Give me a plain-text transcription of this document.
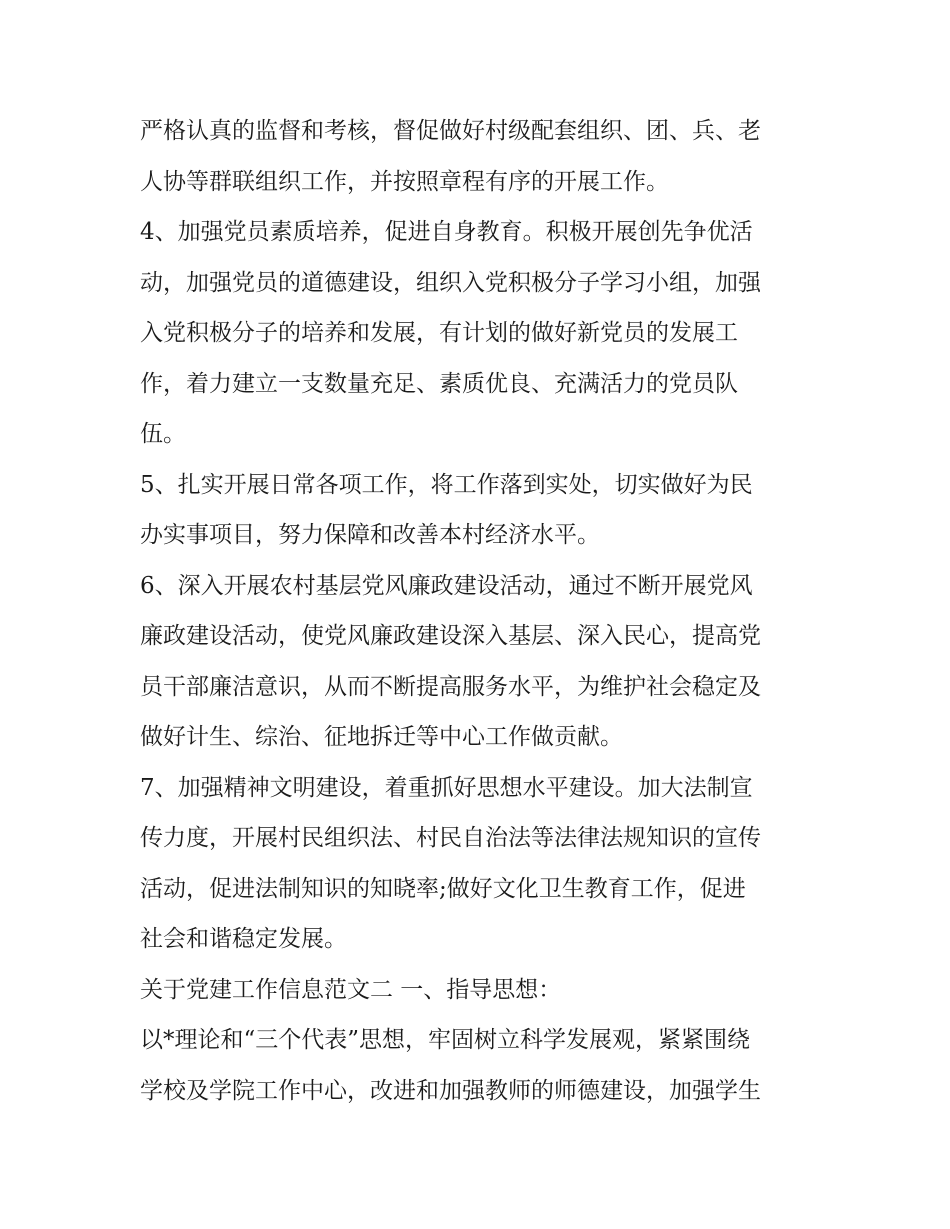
严格认真的监督和考核，督促做好村级配套组织、团、兵、老
人协等群联组织工作，并按照章程有序的开展工作。
4、加强党员素质培养，促进自身教育。积极开展创先争优活
动，加强党员的道德建设，组织入党积极分子学习小组，加强
入党积极分子的培养和发展，有计划的做好新党员的发展工
作，着力建立一支数量充足、素质优良、充满活力的党员队
伍。
5、扎实开展日常各项工作，将工作落到实处，切实做好为民
办实事项目，努力保障和改善本村经济水平。
6、深入开展农村基层党风廉政建设活动，通过不断开展党风
廉政建设活动，使党风廉政建设深入基层、深入民心，提高党
员干部廉洁意识，从而不断提高服务水平，为维护社会稳定及
做好计生、综治、征地拆迁等中心工作做贡献。
7、加强精神文明建设，着重抓好思想水平建设。加大法制宣
传力度，开展村民组织法、村民自治法等法律法规知识的宣传
活动，促进法制知识的知晓率;做好文化卫生教育工作，促进
社会和谐稳定发展。
关于党建工作信息范文二 一、指导思想：
以*理论和“三个代表”思想，牢固树立科学发展观，紧紧围绕
学校及学院工作中心，改进和加强教师的师德建设，加强学生
